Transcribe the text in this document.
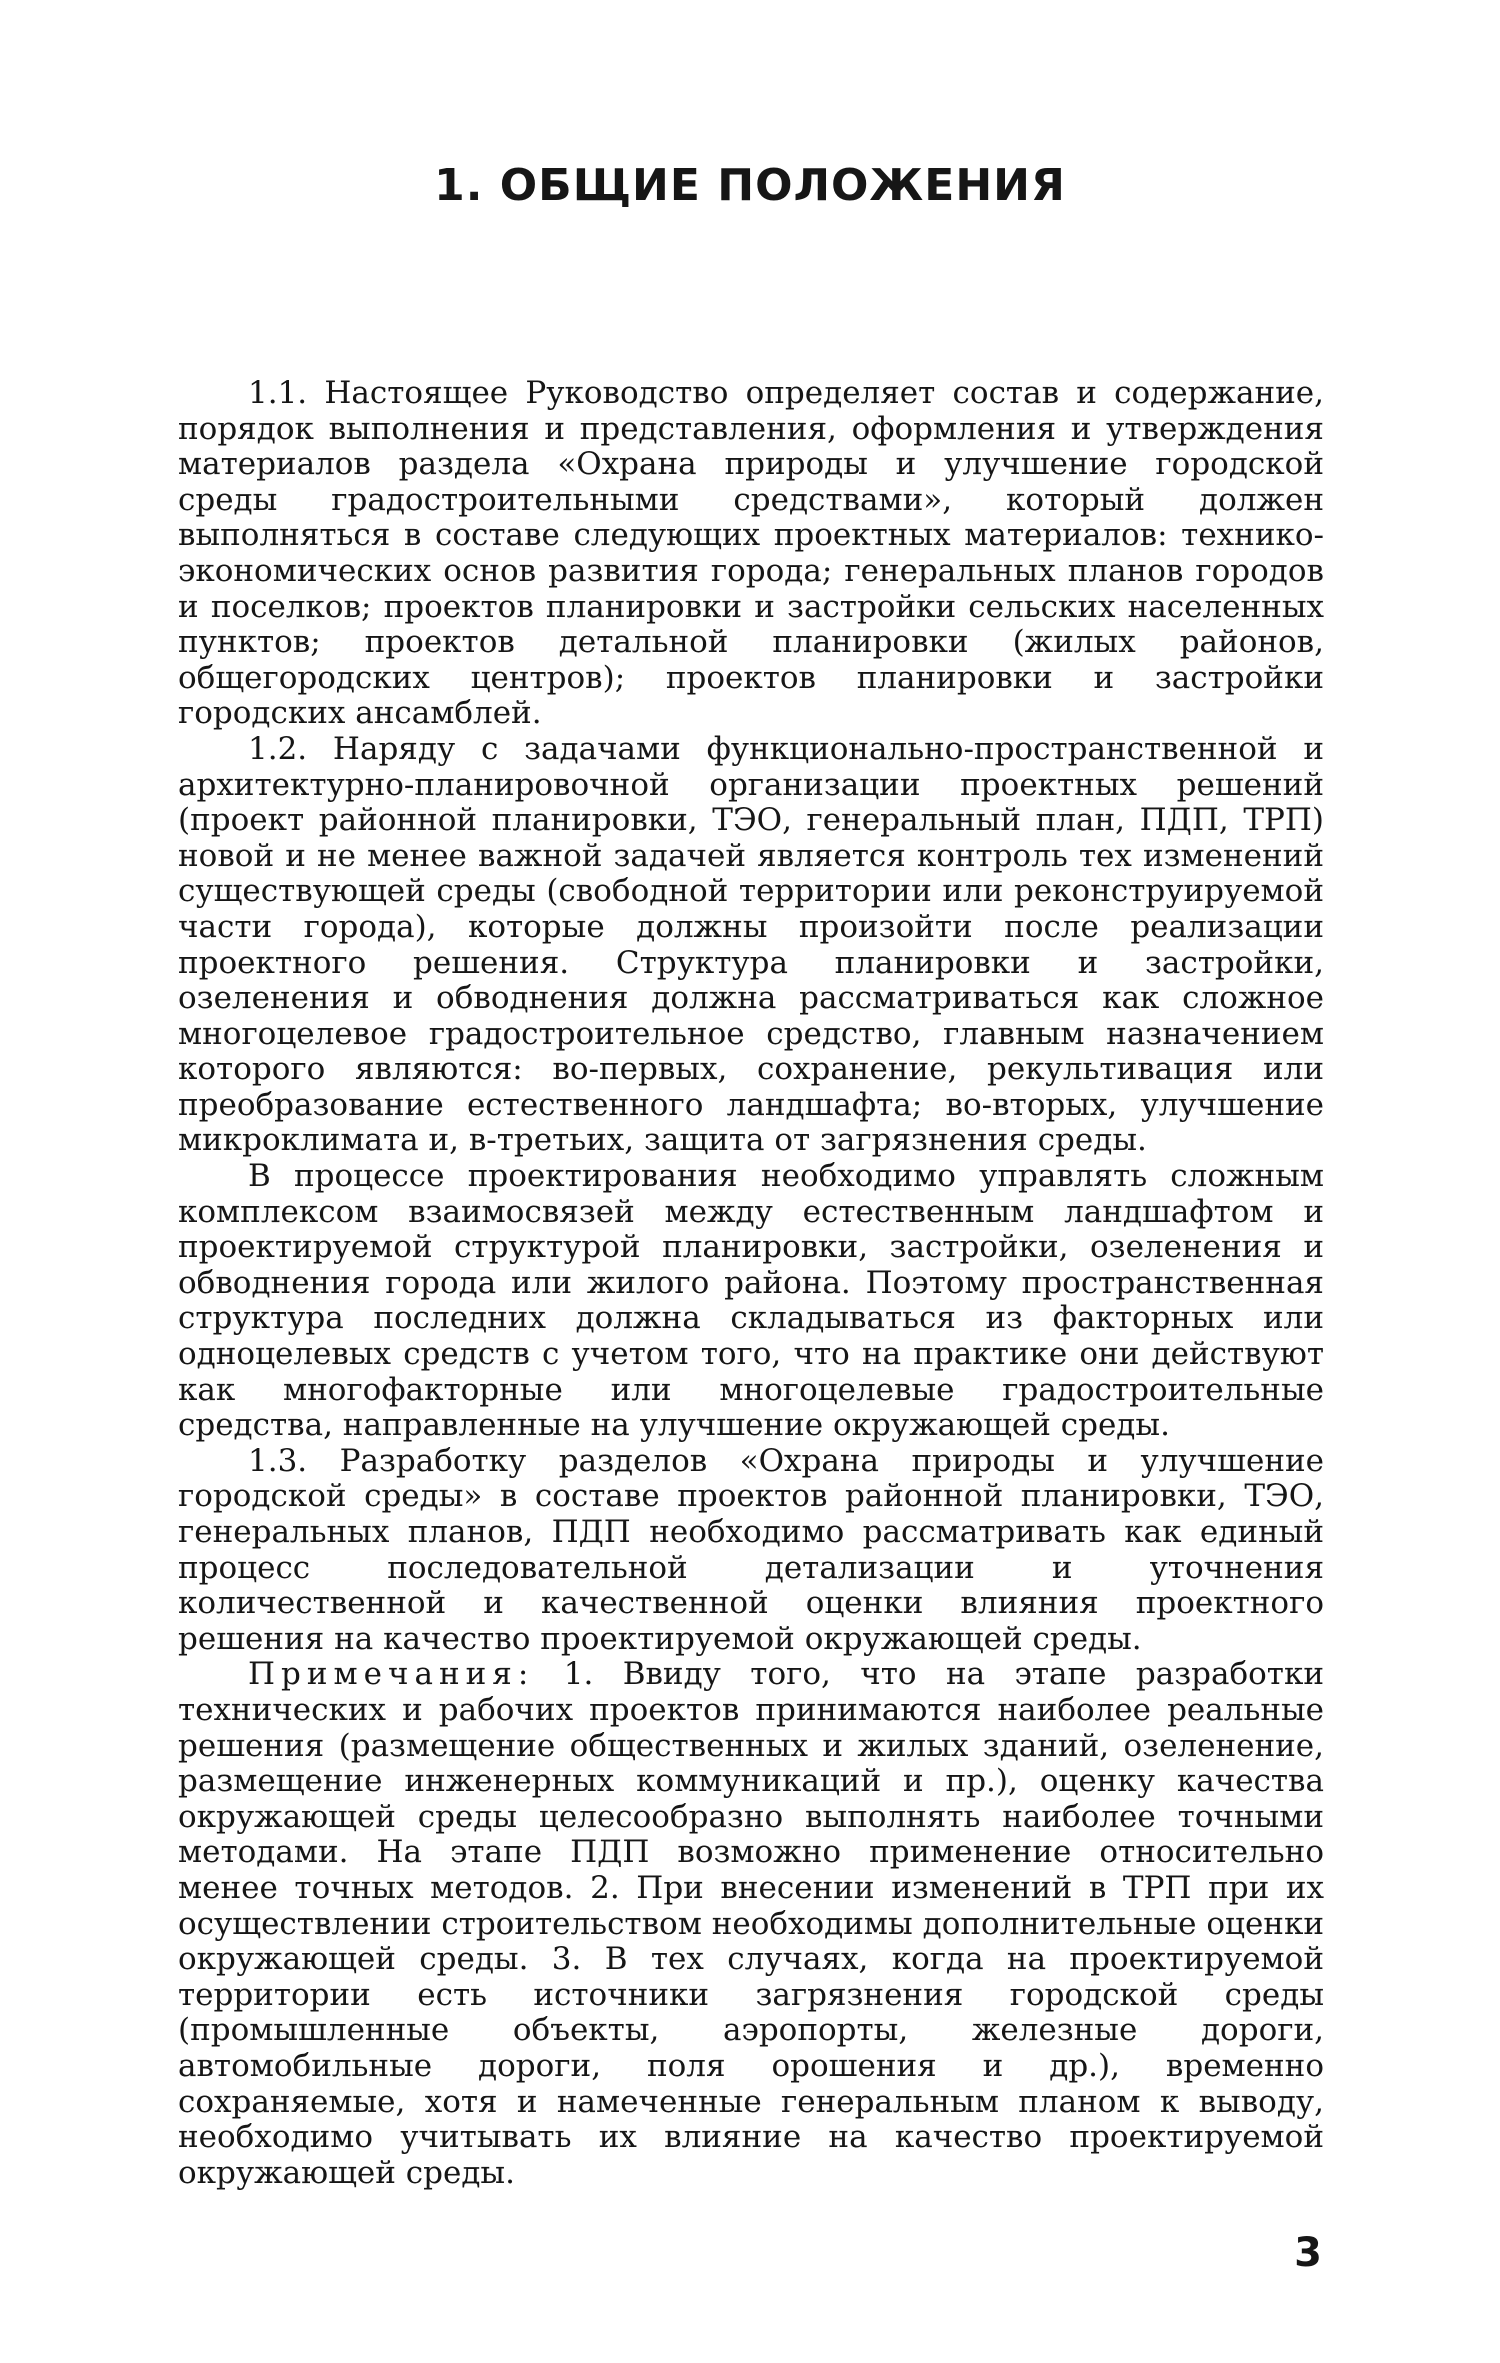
1. ОБЩИЕ ПОЛОЖЕНИЯ

1.1. Настоящее Руководство определяет состав и содержание, порядок выполнения и представления, оформления и утверждения материалов раздела «Охрана природы и улучшение городской среды градостроительными средствами», который должен выполняться в составе следующих проектных материалов: технико-экономических основ развития города; генеральных планов городов и поселков; проектов планировки и застройки сельских населенных пунктов; проектов детальной планировки (жилых районов, общегородских центров); проектов планировки и застройки городских ансамблей.

1.2. Наряду с задачами функционально-пространственной и архитектурно-планировочной организации проектных решений (проект районной планировки, ТЭО, генеральный план, ПДП, ТРП) новой и не менее важной задачей является контроль тех изменений существующей среды (свободной территории или реконструируемой части города), которые должны произойти после реализации проектного решения. Структура планировки и застройки, озеленения и обводнения должна рассматриваться как сложное многоцелевое градостроительное средство, главным назначением которого являются: во-первых, сохранение, рекультивация или преобразование естественного ландшафта; во-вторых, улучшение микроклимата и, в-третьих, защита от загрязнения среды.

В процессе проектирования необходимо управлять сложным комплексом взаимосвязей между естественным ландшафтом и проектируемой структурой планировки, застройки, озеленения и обводнения города или жилого района. Поэтому пространственная структура последних должна складываться из факторных или одноцелевых средств с учетом того, что на практике они действуют как многофакторные или многоцелевые градостроительные средства, направленные на улучшение окружающей среды.

1.3. Разработку разделов «Охрана природы и улучшение городской среды» в составе проектов районной планировки, ТЭО, генеральных планов, ПДП необходимо рассматривать как единый процесс последовательной детализации и уточнения количественной и качественной оценки влияния проектного решения на качество проектируемой окружающей среды.

Примечания: 1. Ввиду того, что на этапе разработки технических и рабочих проектов принимаются наиболее реальные решения (размещение общественных и жилых зданий, озеленение, размещение инженерных коммуникаций и пр.), оценку качества окружающей среды целесообразно выполнять наиболее точными методами. На этапе ПДП возможно применение относительно менее точных методов. 2. При внесении изменений в ТРП при их осуществлении строительством необходимы дополнительные оценки окружающей среды. 3. В тех случаях, когда на проектируемой территории есть источники загрязнения городской среды (промышленные объекты, аэропорты, железные дороги, автомобильные дороги, поля орошения и др.), временно сохраняемые, хотя и намеченные генеральным планом к выводу, необходимо учитывать их влияние на качество проектируемой окружающей среды.

3
